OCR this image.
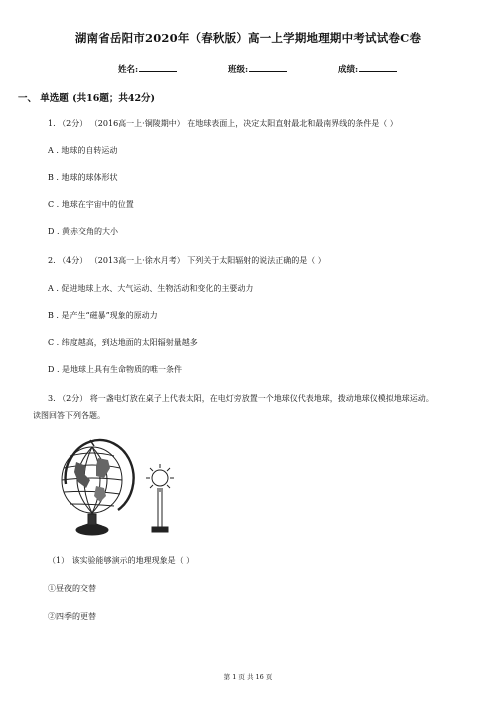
湖南省岳阳市2020年（春秋版）高一上学期地理期中考试试卷C卷
姓名:	班级:	成绩:
一、 单选题 (共16题；共42分)
1. （2分） （2016高一上·铜陵期中） 在地球表面上，决定太阳直射最北和最南界线的条件是（ ）
A . 地球的自转运动
B . 地球的球体形状
C . 地球在宇宙中的位置
D . 黄赤交角的大小
2. （4分） （2013高一上·徐水月考） 下列关于太阳辐射的说法正确的是（ ）
A . 促进地球上水、大气运动、生物活动和变化的主要动力
B . 是产生“磁暴”现象的原动力
C . 纬度越高，到达地面的太阳辐射量越多
D . 是地球上具有生命物质的唯一条件
3. （2分） 将一盏电灯放在桌子上代表太阳，在电灯旁放置一个地球仪代表地球，拨动地球仪模拟地球运动。
读图回答下列各题。
（1） 该实验能够演示的地理现象是（ ）
①昼夜的交替
②四季的更替
第 1 页 共 16 页
